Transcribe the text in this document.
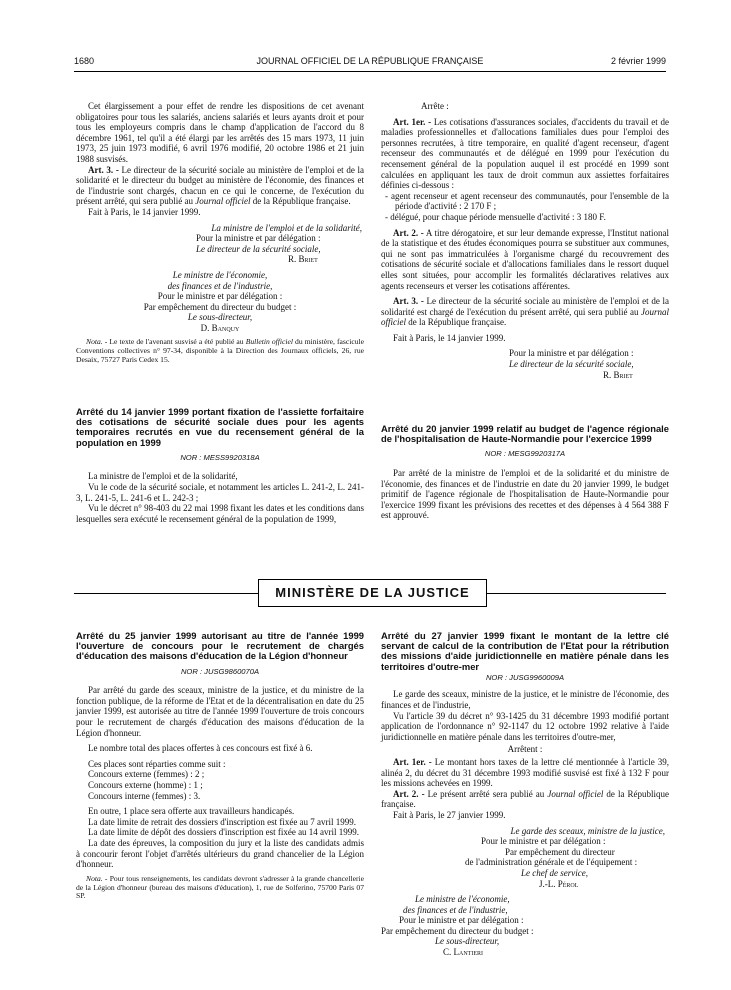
1680	JOURNAL OFFICIEL DE LA RÉPUBLIQUE FRANÇAISE	2 février 1999

Cet élargissement a pour effet de rendre les dispositions de cet avenant obligatoires pour tous les salariés, anciens salariés et leurs ayants droit et pour tous les employeurs compris dans le champ d'application de l'accord du 8 décembre 1961, tel qu'il a été élargi par les arrêtés des 15 mars 1973, 11 juin 1973, 25 juin 1973 modifié, 6 avril 1976 modifié, 20 octobre 1986 et 21 juin 1988 susvisés.

Art. 3. - Le directeur de la sécurité sociale au ministère de l'emploi et de la solidarité et le directeur du budget au ministère de l'économie, des finances et de l'industrie sont chargés, chacun en ce qui le concerne, de l'exécution du présent arrêté, qui sera publié au Journal officiel de la République française.

Fait à Paris, le 14 janvier 1999.

La ministre de l'emploi et de la solidarité,

Pour la ministre et par délégation :

Le directeur de la sécurité sociale,

R. Briet

Le ministre de l'économie,

des finances et de l'industrie,

Pour le ministre et par délégation :

Par empêchement du directeur du budget :

Le sous-directeur,

D. Banquy

Nota. - Le texte de l'avenant susvisé a été publié au Bulletin officiel du ministère, fascicule Conventions collectives n° 97-34, disponible à la Direction des Journaux officiels, 26, rue Desaix, 75727 Paris Cedex 15.

Arrêté du 14 janvier 1999 portant fixation de l'assiette forfaitaire des cotisations de sécurité sociale dues pour les agents temporaires recrutés en vue du recensement général de la population en 1999

NOR : MESS9920318A

La ministre de l'emploi et de la solidarité,

Vu le code de la sécurité sociale, et notamment les articles L. 241-2, L. 241-3, L. 241-5, L. 241-6 et L. 242-3 ;

Vu le décret n° 98-403 du 22 mai 1998 fixant les dates et les conditions dans lesquelles sera exécuté le recensement général de la population de 1999,

Arrête :

Art. 1er. - Les cotisations d'assurances sociales, d'accidents du travail et de maladies professionnelles et d'allocations familiales dues pour l'emploi des personnes recrutées, à titre temporaire, en qualité d'agent recenseur, d'agent recenseur des communautés et de délégué en 1999 pour l'exécution du recensement général de la population auquel il est procédé en 1999 sont calculées en appliquant les taux de droit commun aux assiettes forfaitaires définies ci-dessous :

- agent recenseur et agent recenseur des communautés, pour l'ensemble de la période d'activité : 2 170 F ;
- délégué, pour chaque période mensuelle d'activité : 3 180 F.

Art. 2. - A titre dérogatoire, et sur leur demande expresse, l'Institut national de la statistique et des études économiques pourra se substituer aux communes, qui ne sont pas immatriculées à l'organisme chargé du recouvrement des cotisations de sécurité sociale et d'allocations familiales dans le ressort duquel elles sont situées, pour accomplir les formalités déclaratives relatives aux agents recenseurs et verser les cotisations afférentes.

Art. 3. - Le directeur de la sécurité sociale au ministère de l'emploi et de la solidarité est chargé de l'exécution du présent arrêté, qui sera publié au Journal officiel de la République française.

Fait à Paris, le 14 janvier 1999.

Pour la ministre et par délégation :

Le directeur de la sécurité sociale,

R. Briet

Arrêté du 20 janvier 1999 relatif au budget de l'agence régionale de l'hospitalisation de Haute-Normandie pour l'exercice 1999

NOR : MESG9920317A

Par arrêté de la ministre de l'emploi et de la solidarité et du ministre de l'économie, des finances et de l'industrie en date du 20 janvier 1999, le budget primitif de l'agence régionale de l'hospitalisation de Haute-Normandie pour l'exercice 1999 fixant les prévisions des recettes et des dépenses à 4 564 388 F est approuvé.

MINISTÈRE DE LA JUSTICE

Arrêté du 25 janvier 1999 autorisant au titre de l'année 1999 l'ouverture de concours pour le recrutement de chargés d'éducation des maisons d'éducation de la Légion d'honneur

NOR : JUSG9860070A

Par arrêté du garde des sceaux, ministre de la justice, et du ministre de la fonction publique, de la réforme de l'Etat et de la décentralisation en date du 25 janvier 1999, est autorisée au titre de l'année 1999 l'ouverture de trois concours pour le recrutement de chargés d'éducation des maisons d'éducation de la Légion d'honneur.

Le nombre total des places offertes à ces concours est fixé à 6.

Ces places sont réparties comme suit :

Concours externe (femmes) : 2 ;

Concours externe (homme) : 1 ;

Concours interne (femmes) : 3.

En outre, 1 place sera offerte aux travailleurs handicapés.

La date limite de retrait des dossiers d'inscription est fixée au 7 avril 1999.

La date limite de dépôt des dossiers d'inscription est fixée au 14 avril 1999.

La date des épreuves, la composition du jury et la liste des candidats admis à concourir feront l'objet d'arrêtés ultérieurs du grand chancelier de la Légion d'honneur.

Nota. - Pour tous renseignements, les candidats devront s'adresser à la grande chancellerie de la Légion d'honneur (bureau des maisons d'éducation), 1, rue de Solferino, 75700 Paris 07 SP.

Arrêté du 27 janvier 1999 fixant le montant de la lettre clé servant de calcul de la contribution de l'Etat pour la rétribution des missions d'aide juridictionnelle en matière pénale dans les territoires d'outre-mer

NOR : JUSG9960009A

Le garde des sceaux, ministre de la justice, et le ministre de l'économie, des finances et de l'industrie,

Vu l'article 39 du décret n° 93-1425 du 31 décembre 1993 modifié portant application de l'ordonnance n° 92-1147 du 12 octobre 1992 relative à l'aide juridictionnelle en matière pénale dans les territoires d'outre-mer,

Arrêtent :

Art. 1er. - Le montant hors taxes de la lettre clé mentionnée à l'article 39, alinéa 2, du décret du 31 décembre 1993 modifié susvisé est fixé à 132 F pour les missions achevées en 1999.

Art. 2. - Le présent arrêté sera publié au Journal officiel de la République française.

Fait à Paris, le 27 janvier 1999.

Le garde des sceaux, ministre de la justice,

Pour le ministre et par délégation :

Par empêchement du directeur

de l'administration générale et de l'équipement :

Le chef de service,

J.-L. Pérol

Le ministre de l'économie,

des finances et de l'industrie,

Pour le ministre et par délégation :

Par empêchement du directeur du budget :

Le sous-directeur,

C. Lantieri
